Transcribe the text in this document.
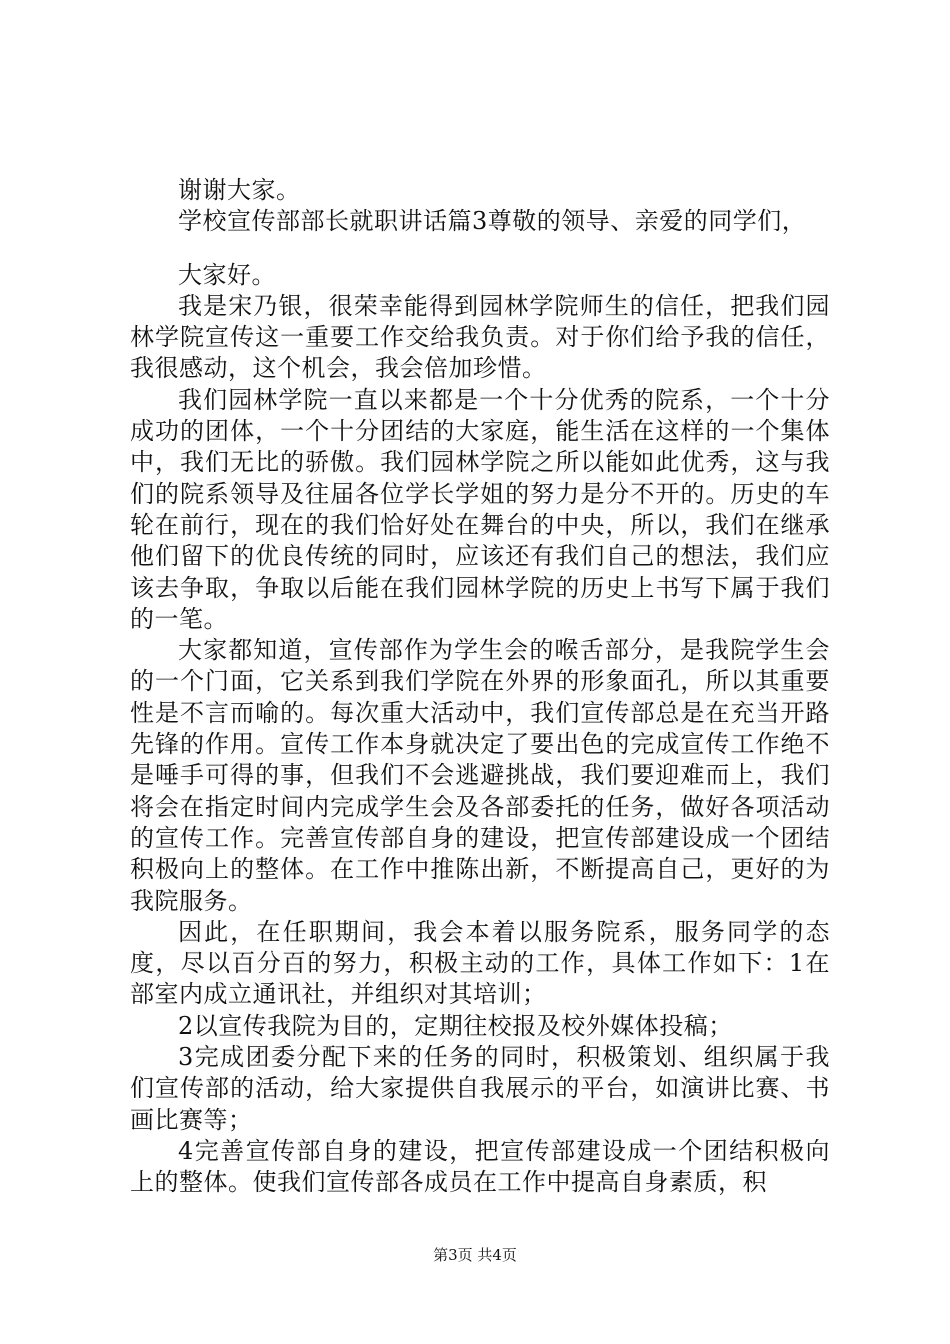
谢谢大家。

学校宣传部部长就职讲话篇3尊敬的领导、亲爱的同学们，

大家好。

我是宋乃银，很荣幸能得到园林学院师生的信任，把我们园林学院宣传这一重要工作交给我负责。对于你们给予我的信任，我很感动，这个机会，我会倍加珍惜。

我们园林学院一直以来都是一个十分优秀的院系，一个十分成功的团体，一个十分团结的大家庭，能生活在这样的一个集体中，我们无比的骄傲。我们园林学院之所以能如此优秀，这与我们的院系领导及往届各位学长学姐的努力是分不开的。历史的车轮在前行，现在的我们恰好处在舞台的中央，所以，我们在继承他们留下的优良传统的同时，应该还有我们自己的想法，我们应该去争取，争取以后能在我们园林学院的历史上书写下属于我们的一笔。

大家都知道，宣传部作为学生会的喉舌部分，是我院学生会的一个门面，它关系到我们学院在外界的形象面孔，所以其重要性是不言而喻的。每次重大活动中，我们宣传部总是在充当开路先锋的作用。宣传工作本身就决定了要出色的完成宣传工作绝不是唾手可得的事，但我们不会逃避挑战，我们要迎难而上，我们将会在指定时间内完成学生会及各部委托的任务，做好各项活动的宣传工作。完善宣传部自身的建设，把宣传部建设成一个团结积极向上的整体。在工作中推陈出新，不断提高自己，更好的为我院服务。

因此，在任职期间，我会本着以服务院系，服务同学的态度，尽以百分百的努力，积极主动的工作，具体工作如下：1在部室内成立通讯社，并组织对其培训；

2以宣传我院为目的，定期往校报及校外媒体投稿；

3完成团委分配下来的任务的同时，积极策划、组织属于我们宣传部的活动，给大家提供自我展示的平台，如演讲比赛、书画比赛等；

4完善宣传部自身的建设，把宣传部建设成一个团结积极向上的整体。使我们宣传部各成员在工作中提高自身素质，积

第3页 共4页
